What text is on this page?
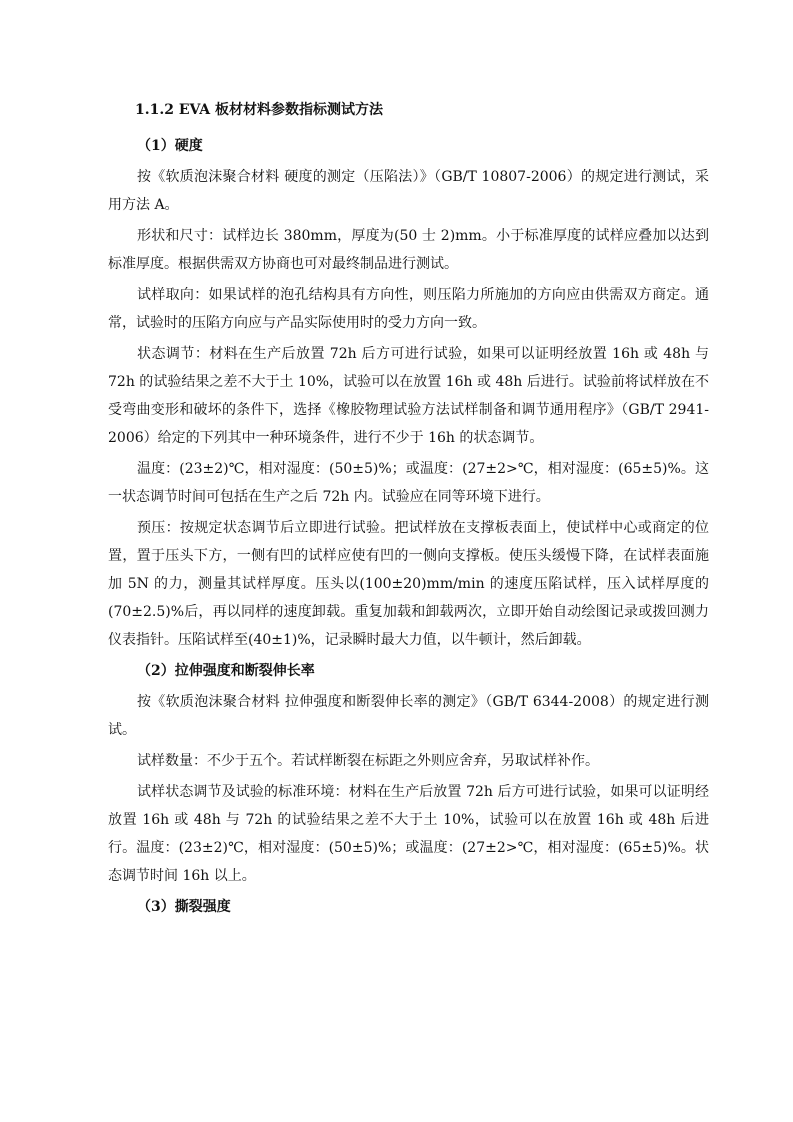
1.1.2 EVA 板材材料参数指标测试方法
（1）硬度

按《软质泡沫聚合材料 硬度的测定（压陷法）》（GB/T 10807-2006）的规定进行测试，采用方法 A。

形状和尺寸：试样边长 380mm，厚度为(50 士 2)mm。小于标准厚度的试样应叠加以达到标准厚度。根据供需双方协商也可对最终制品进行测试。

试样取向：如果试样的泡孔结构具有方向性，则压陷力所施加的方向应由供需双方商定。通常，试验时的压陷方向应与产品实际使用时的受力方向一致。

状态调节：材料在生产后放置 72h 后方可进行试验，如果可以证明经放置 16h 或 48h 与 72h 的试验结果之差不大于土 10%，试验可以在放置 16h 或 48h 后进行。试验前将试样放在不受弯曲变形和破坏的条件下，选择《橡胶物理试验方法试样制备和调节通用程序》（GB/T 2941-2006）给定的下列其中一种环境条件，进行不少于 16h 的状态调节。

温度：(23±2)℃，相对湿度：(50±5)%；或温度：(27±2>℃，相对湿度：(65±5)%。这一状态调节时间可包括在生产之后 72h 内。试验应在同等环境下进行。

预压：按规定状态调节后立即进行试验。把试样放在支撑板表面上，使试样中心或商定的位置，置于压头下方，一侧有凹的试样应使有凹的一侧向支撑板。使压头缓慢下降，在试样表面施加 5N 的力，测量其试样厚度。压头以(100±20)mm/min 的速度压陷试样，压入试样厚度的(70±2.5)%后，再以同样的速度卸载。重复加载和卸载两次，立即开始自动绘图记录或拨回测力仪表指针。压陷试样至(40±1)%，记录瞬时最大力值，以牛顿计，然后卸载。

（2）拉伸强度和断裂伸长率

按《软质泡沫聚合材料 拉伸强度和断裂伸长率的测定》（GB/T 6344-2008）的规定进行测试。

试样数量：不少于五个。若试样断裂在标距之外则应舍弃，另取试样补作。

试样状态调节及试验的标准环境：材料在生产后放置 72h 后方可进行试验，如果可以证明经放置 16h 或 48h 与 72h 的试验结果之差不大于土 10%，试验可以在放置 16h 或 48h 后进行。温度：(23±2)℃，相对湿度：(50±5)%；或温度：(27±2>℃，相对湿度：(65±5)%。状态调节时间 16h 以上。

（3）撕裂强度
